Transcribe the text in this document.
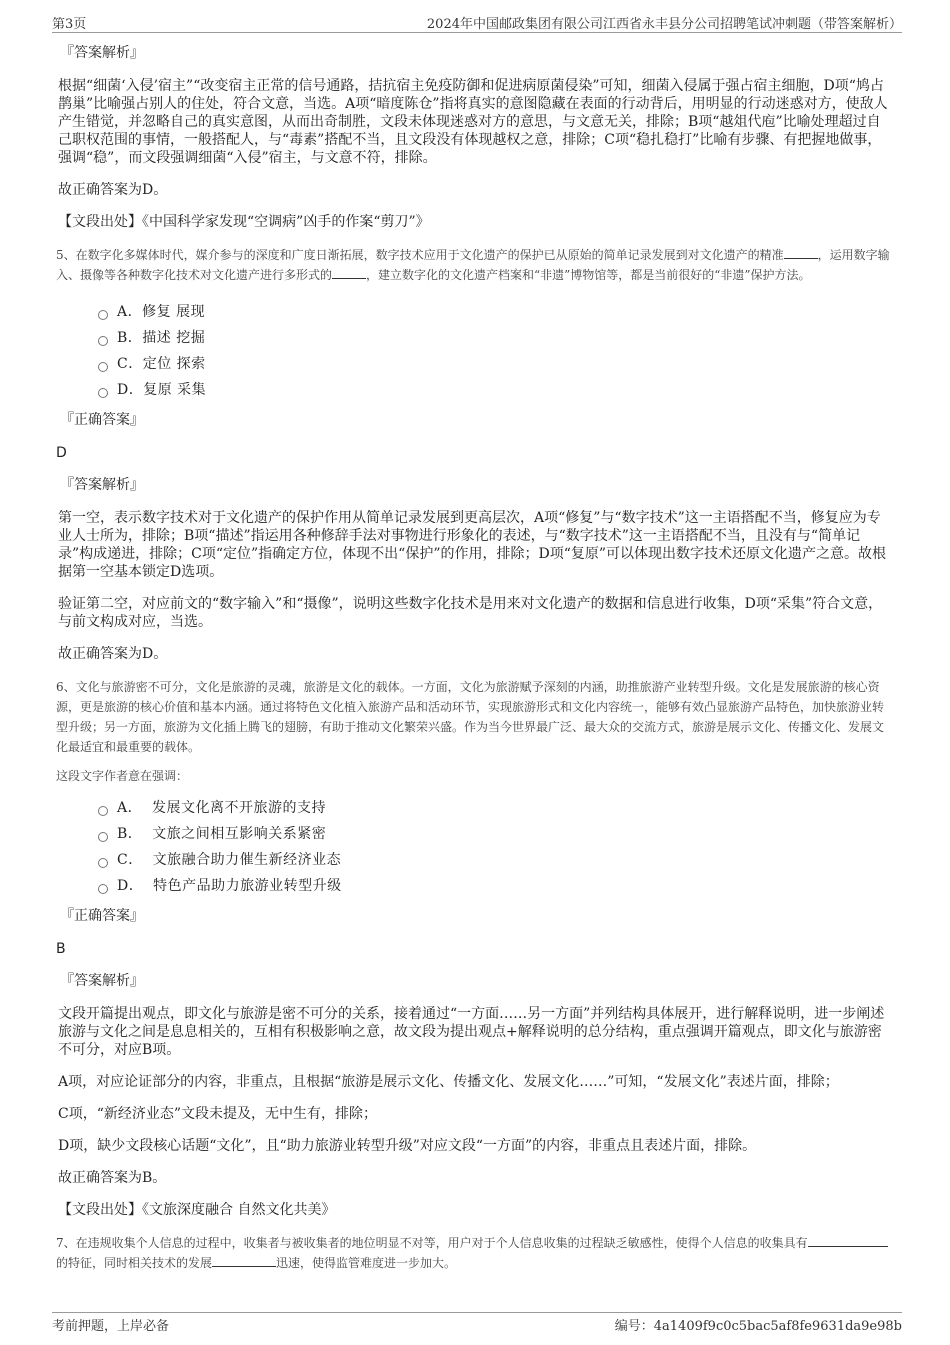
第3页	2024年中国邮政集团有限公司江西省永丰县分公司招聘笔试冲刺题（带答案解析）

『答案解析』

根据“细菌‘入侵’宿主”“改变宿主正常的信号通路，拮抗宿主免疫防御和促进病原菌侵染”可知，细菌入侵属于强占宿主细胞，D项“鸠占鹊巢”比喻强占别人的住处，符合文意，当选。A项“暗度陈仓”指将真实的意图隐藏在表面的行动背后，用明显的行动迷惑对方，使敌人产生错觉，并忽略自己的真实意图，从而出奇制胜，文段未体现迷惑对方的意思，与文意无关，排除；B项“越俎代庖”比喻处理超过自己职权范围的事情，一般搭配人，与“毒素”搭配不当，且文段没有体现越权之意，排除；C项“稳扎稳打”比喻有步骤、有把握地做事，强调“稳”，而文段强调细菌“入侵”宿主，与文意不符，排除。

故正确答案为D。

【文段出处】《中国科学家发现“空调病”凶手的作案“剪刀”》

5、在数字化多媒体时代，媒介参与的深度和广度日渐拓展，数字技术应用于文化遗产的保护已从原始的简单记录发展到对文化遗产的精准	，运用数字输入、摄像等各种数字化技术对文化遗产进行多形式的	，建立数字化的文化遗产档案和“非遗”博物馆等，都是当前很好的“非遗”保护方法。

A．修复 展现
B．描述 挖掘
C．定位 探索
D．复原 采集

『正确答案』

D

『答案解析』

第一空，表示数字技术对于文化遗产的保护作用从简单记录发展到更高层次，A项“修复”与“数字技术”这一主语搭配不当，修复应为专业人士所为，排除；B项“描述”指运用各种修辞手法对事物进行形象化的表述，与“数字技术”这一主语搭配不当，且没有与“简单记录”构成递进，排除；C项“定位”指确定方位，体现不出“保护”的作用，排除；D项“复原”可以体现出数字技术还原文化遗产之意。故根据第一空基本锁定D选项。

验证第二空，对应前文的“数字输入”和“摄像”，说明这些数字化技术是用来对文化遗产的数据和信息进行收集，D项“采集”符合文意，与前文构成对应，当选。

故正确答案为D。

6、文化与旅游密不可分，文化是旅游的灵魂，旅游是文化的载体。一方面，文化为旅游赋予深刻的内涵，助推旅游产业转型升级。文化是发展旅游的核心资源，更是旅游的核心价值和基本内涵。通过将特色文化植入旅游产品和活动环节，实现旅游形式和文化内容统一，能够有效凸显旅游产品特色，加快旅游业转型升级；另一方面，旅游为文化插上腾飞的翅膀，有助于推动文化繁荣兴盛。作为当今世界最广泛、最大众的交流方式，旅游是展示文化、传播文化、发展文化最适宜和最重要的载体。

这段文字作者意在强调：

A． 发展文化离不开旅游的支持
B． 文旅之间相互影响关系紧密
C． 文旅融合助力催生新经济业态
D． 特色产品助力旅游业转型升级

『正确答案』

B

『答案解析』

文段开篇提出观点，即文化与旅游是密不可分的关系，接着通过“一方面……另一方面”并列结构具体展开，进行解释说明，进一步阐述旅游与文化之间是息息相关的，互相有积极影响之意，故文段为提出观点+解释说明的总分结构，重点强调开篇观点，即文化与旅游密不可分，对应B项。

A项，对应论证部分的内容，非重点，且根据“旅游是展示文化、传播文化、发展文化……”可知，“发展文化”表述片面，排除；

C项，“新经济业态”文段未提及，无中生有，排除；

D项，缺少文段核心话题“文化”，且“助力旅游业转型升级”对应文段“一方面”的内容，非重点且表述片面，排除。

故正确答案为B。

【文段出处】《文旅深度融合 自然文化共美》

7、在违规收集个人信息的过程中，收集者与被收集者的地位明显不对等，用户对于个人信息收集的过程缺乏敏感性，使得个人信息的收集具有的特征，同时相关技术的发展	迅速，使得监管难度进一步加大。

考前押题，上岸必备	编号：4a1409f9c0c5bac5af8fe9631da9e98b
